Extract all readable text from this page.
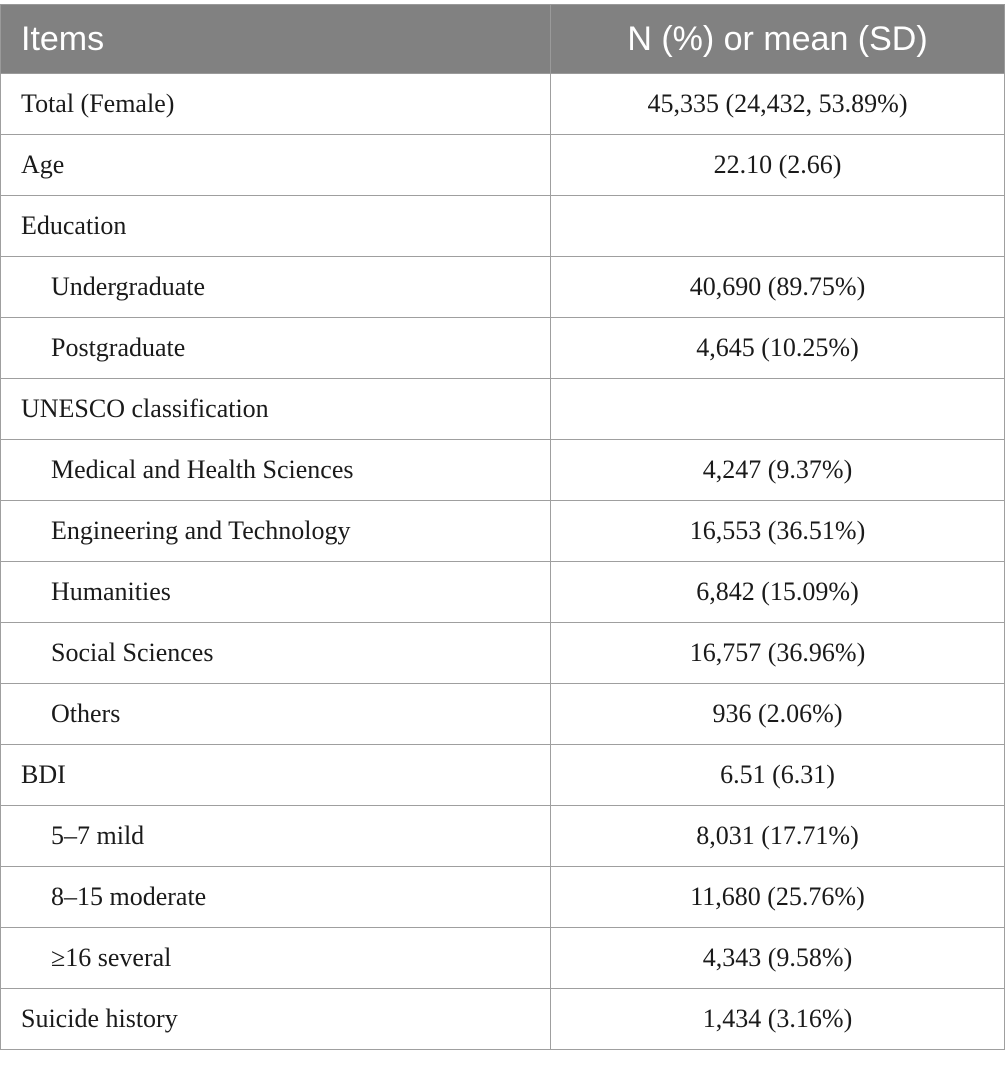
Items	N (%) or mean (SD)
Total (Female)	45,335 (24,432, 53.89%)
Age	22.10 (2.66)
Education	
Undergraduate	40,690 (89.75%)
Postgraduate	4,645 (10.25%)
UNESCO classification	
Medical and Health Sciences	4,247 (9.37%)
Engineering and Technology	16,553 (36.51%)
Humanities	6,842 (15.09%)
Social Sciences	16,757 (36.96%)
Others	936 (2.06%)
BDI	6.51 (6.31)
5–7 mild	8,031 (17.71%)
8–15 moderate	11,680 (25.76%)
≥16 several	4,343 (9.58%)
Suicide history	1,434 (3.16%)
